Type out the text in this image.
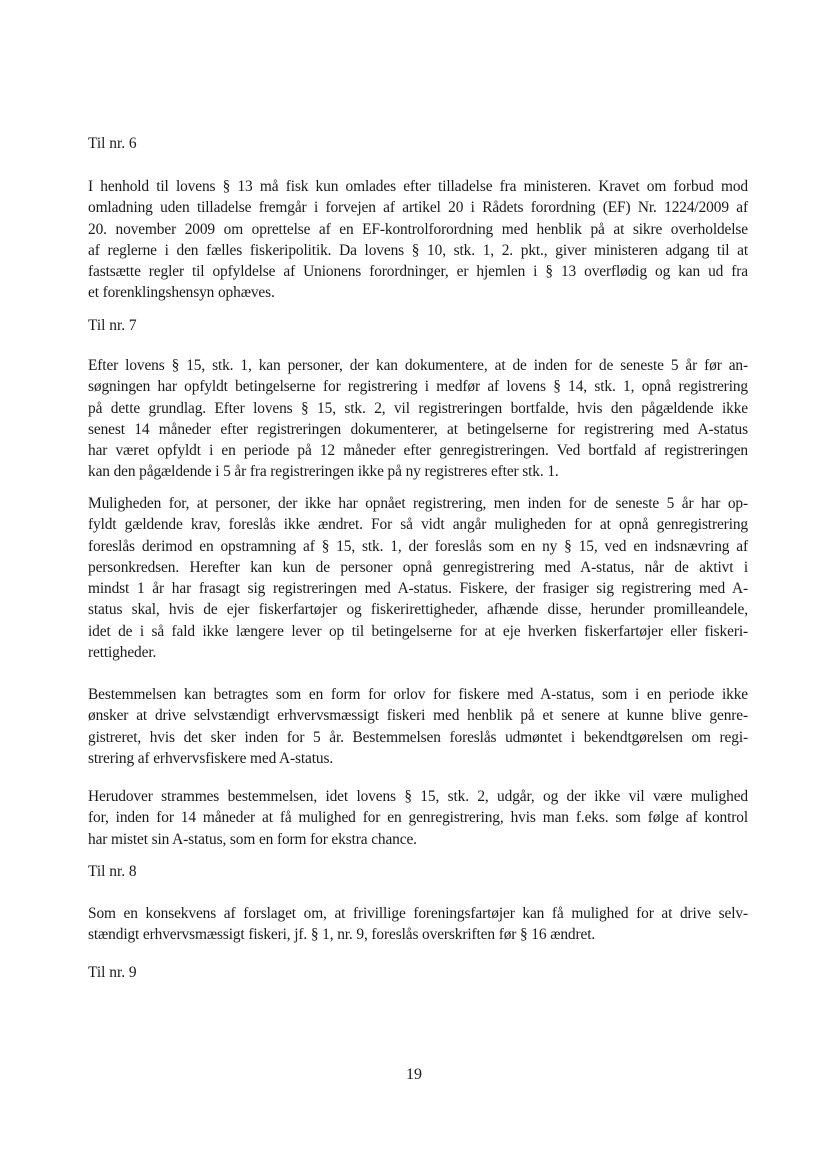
Til nr. 6
I henhold til lovens § 13 må fisk kun omlades efter tilladelse fra ministeren. Kravet om forbud mod
omladning uden tilladelse fremgår i forvejen af artikel 20 i Rådets forordning (EF) Nr. 1224/2009 af
20. november 2009 om oprettelse af en EF-kontrolforordning med henblik på at sikre overholdelse
af reglerne i den fælles fiskeripolitik. Da lovens § 10, stk. 1, 2. pkt., giver ministeren adgang til at
fastsætte regler til opfyldelse af Unionens forordninger, er hjemlen i § 13 overflødig og kan ud fra
et forenklingshensyn ophæves.
Til nr. 7
Efter lovens § 15, stk. 1, kan personer, der kan dokumentere, at de inden for de seneste 5 år før an-
søgningen har opfyldt betingelserne for registrering i medfør af lovens § 14, stk. 1, opnå registrering
på dette grundlag. Efter lovens § 15, stk. 2, vil registreringen bortfalde, hvis den pågældende ikke
senest 14 måneder efter registreringen dokumenterer, at betingelserne for registrering med A-status
har været opfyldt i en periode på 12 måneder efter genregistreringen. Ved bortfald af registreringen
kan den pågældende i 5 år fra registreringen ikke på ny registreres efter stk. 1.
Muligheden for, at personer, der ikke har opnået registrering, men inden for de seneste 5 år har op-
fyldt gældende krav, foreslås ikke ændret. For så vidt angår muligheden for at opnå genregistrering
foreslås derimod en opstramning af § 15, stk. 1, der foreslås som en ny § 15, ved en indsnævring af
personkredsen. Herefter kan kun de personer opnå genregistrering med A-status, når de aktivt i
mindst 1 år har frasagt sig registreringen med A-status. Fiskere, der frasiger sig registrering med A-
status skal, hvis de ejer fiskerfartøjer og fiskerirettigheder, afhænde disse, herunder promilleandele,
idet de i så fald ikke længere lever op til betingelserne for at eje hverken fiskerfartøjer eller fiskeri-
rettigheder.
Bestemmelsen kan betragtes som en form for orlov for fiskere med A-status, som i en periode ikke
ønsker at drive selvstændigt erhvervsmæssigt fiskeri med henblik på et senere at kunne blive genre-
gistreret, hvis det sker inden for 5 år. Bestemmelsen foreslås udmøntet i bekendtgørelsen om regi-
strering af erhvervsfiskere med A-status.
Herudover strammes bestemmelsen, idet lovens § 15, stk. 2, udgår, og der ikke vil være mulighed
for, inden for 14 måneder at få mulighed for en genregistrering, hvis man f.eks. som følge af kontrol
har mistet sin A-status, som en form for ekstra chance.
Til nr. 8
Som en konsekvens af forslaget om, at frivillige foreningsfartøjer kan få mulighed for at drive selv-
stændigt erhvervsmæssigt fiskeri, jf. § 1, nr. 9, foreslås overskriften før § 16 ændret.
Til nr. 9
19
